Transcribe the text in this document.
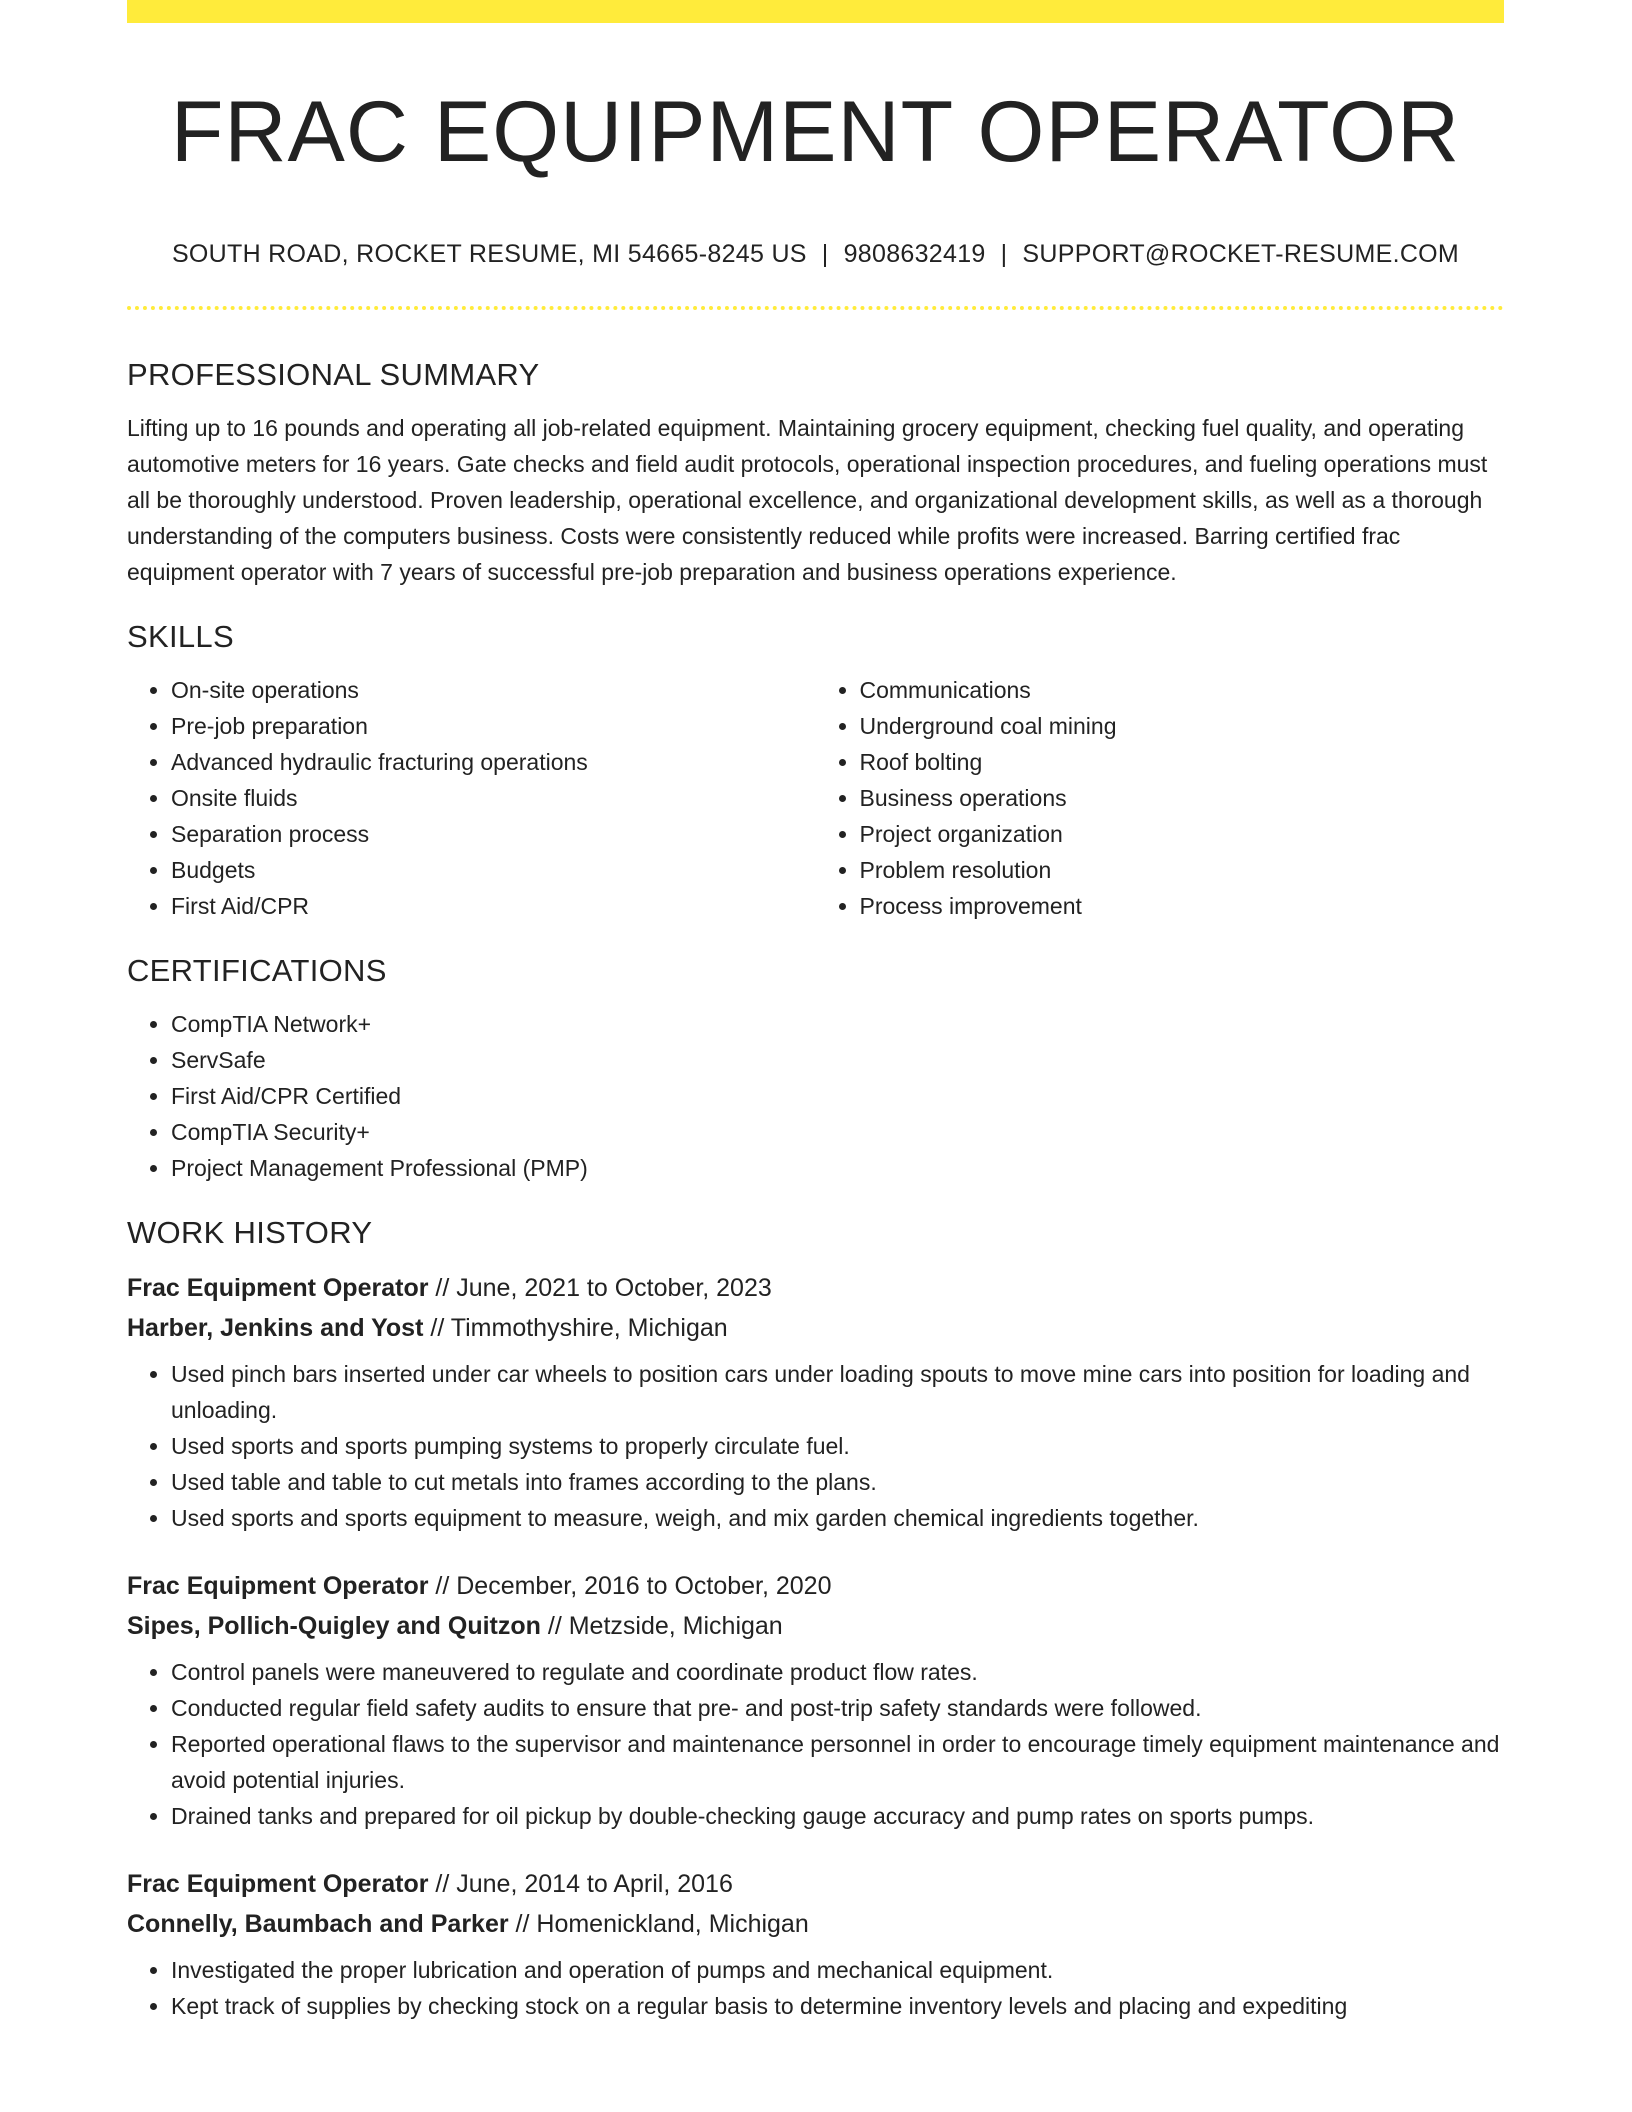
FRAC EQUIPMENT OPERATOR
SOUTH ROAD, ROCKET RESUME, MI 54665-8245 US | 9808632419 | SUPPORT@ROCKET-RESUME.COM
PROFESSIONAL SUMMARY

Lifting up to 16 pounds and operating all job-related equipment. Maintaining grocery equipment, checking fuel quality, and operating automotive meters for 16 years. Gate checks and field audit protocols, operational inspection procedures, and fueling operations must all be thoroughly understood. Proven leadership, operational excellence, and organizational development skills, as well as a thorough understanding of the computers business. Costs were consistently reduced while profits were increased. Barring certified frac equipment operator with 7 years of successful pre-job preparation and business operations experience.

SKILLS
• On-site operations
• Pre-job preparation
• Advanced hydraulic fracturing operations
• Onsite fluids
• Separation process
• Budgets
• First Aid/CPR
• Communications
• Underground coal mining
• Roof bolting
• Business operations
• Project organization
• Problem resolution
• Process improvement
CERTIFICATIONS
• CompTIA Network+
• ServSafe
• First Aid/CPR Certified
• CompTIA Security+
• Project Management Professional (PMP)
WORK HISTORY
Frac Equipment Operator // June, 2021 to October, 2023
Harber, Jenkins and Yost // Timmothyshire, Michigan
• Used pinch bars inserted under car wheels to position cars under loading spouts to move mine cars into position for loading and unloading.
• Used sports and sports pumping systems to properly circulate fuel.
• Used table and table to cut metals into frames according to the plans.
• Used sports and sports equipment to measure, weigh, and mix garden chemical ingredients together.
Frac Equipment Operator // December, 2016 to October, 2020
Sipes, Pollich-Quigley and Quitzon // Metzside, Michigan
• Control panels were maneuvered to regulate and coordinate product flow rates.
• Conducted regular field safety audits to ensure that pre- and post-trip safety standards were followed.
• Reported operational flaws to the supervisor and maintenance personnel in order to encourage timely equipment maintenance and avoid potential injuries.
• Drained tanks and prepared for oil pickup by double-checking gauge accuracy and pump rates on sports pumps.
Frac Equipment Operator // June, 2014 to April, 2016
Connelly, Baumbach and Parker // Homenickland, Michigan
• Investigated the proper lubrication and operation of pumps and mechanical equipment.
• Kept track of supplies by checking stock on a regular basis to determine inventory levels and placing and expediting
